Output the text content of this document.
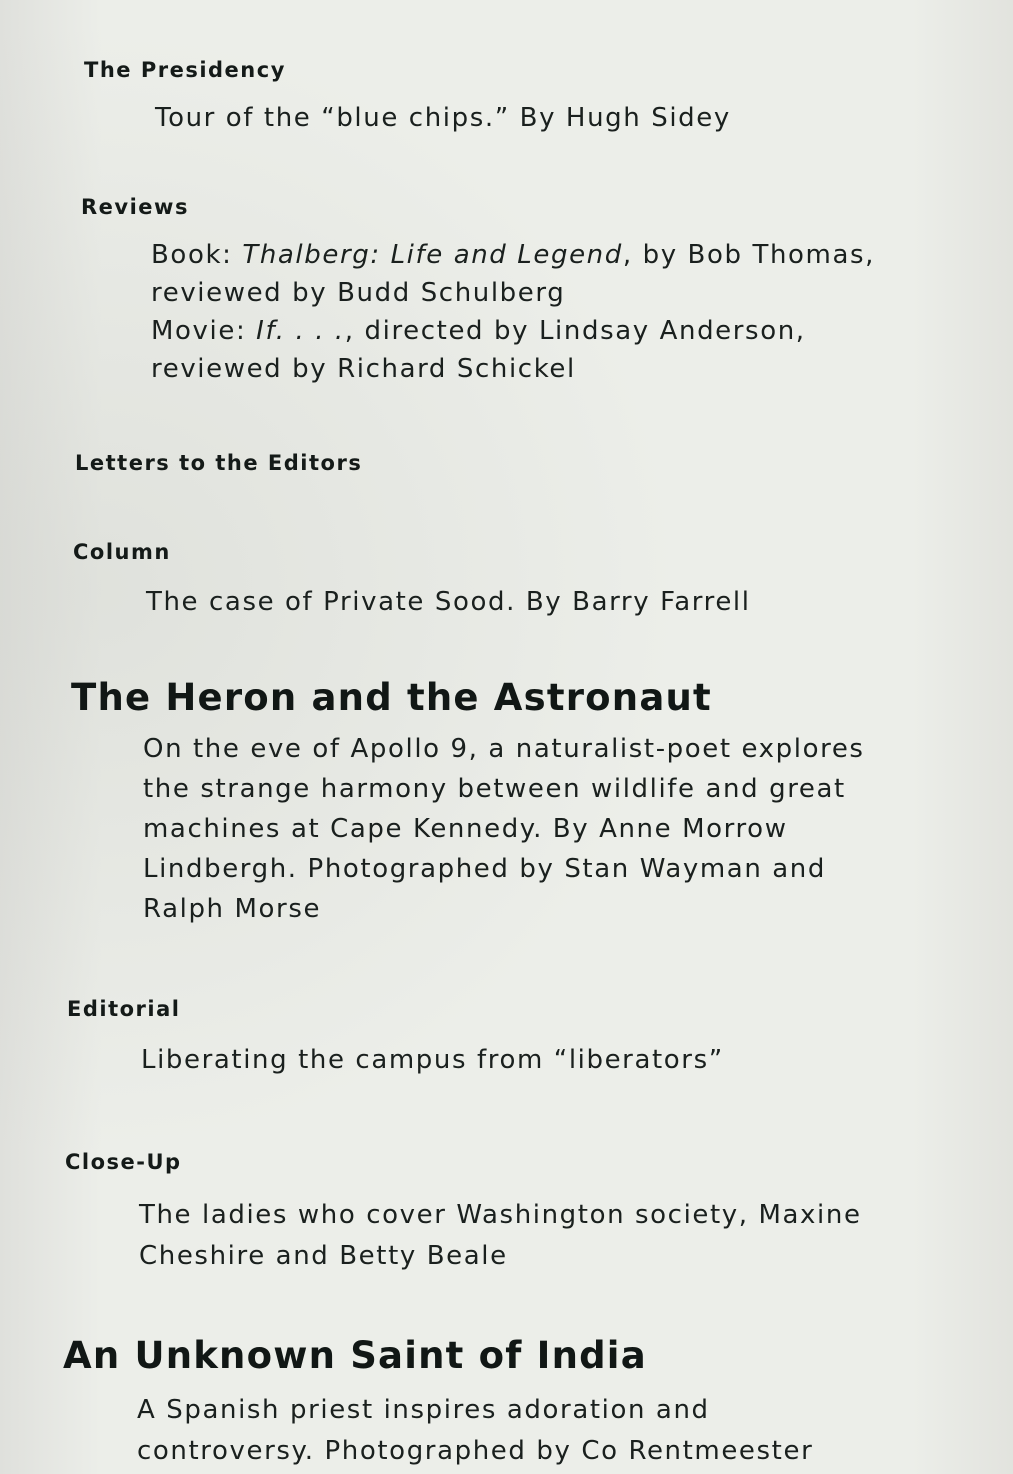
The Presidency
Tour of the “blue chips.” By Hugh Sidey
Reviews
Book: Thalberg: Life and Legend, by Bob Thomas,
reviewed by Budd Schulberg
Movie: If. . . ., directed by Lindsay Anderson,
reviewed by Richard Schickel
Letters to the Editors
Column
The case of Private Sood. By Barry Farrell
The Heron and the Astronaut
On the eve of Apollo 9, a naturalist-poet explores
the strange harmony between wildlife and great
machines at Cape Kennedy. By Anne Morrow
Lindbergh. Photographed by Stan Wayman and
Ralph Morse
Editorial
Liberating the campus from “liberators”
Close-Up
The ladies who cover Washington society, Maxine
Cheshire and Betty Beale
An Unknown Saint of India
A Spanish priest inspires adoration and
controversy. Photographed by Co Rentmeester
